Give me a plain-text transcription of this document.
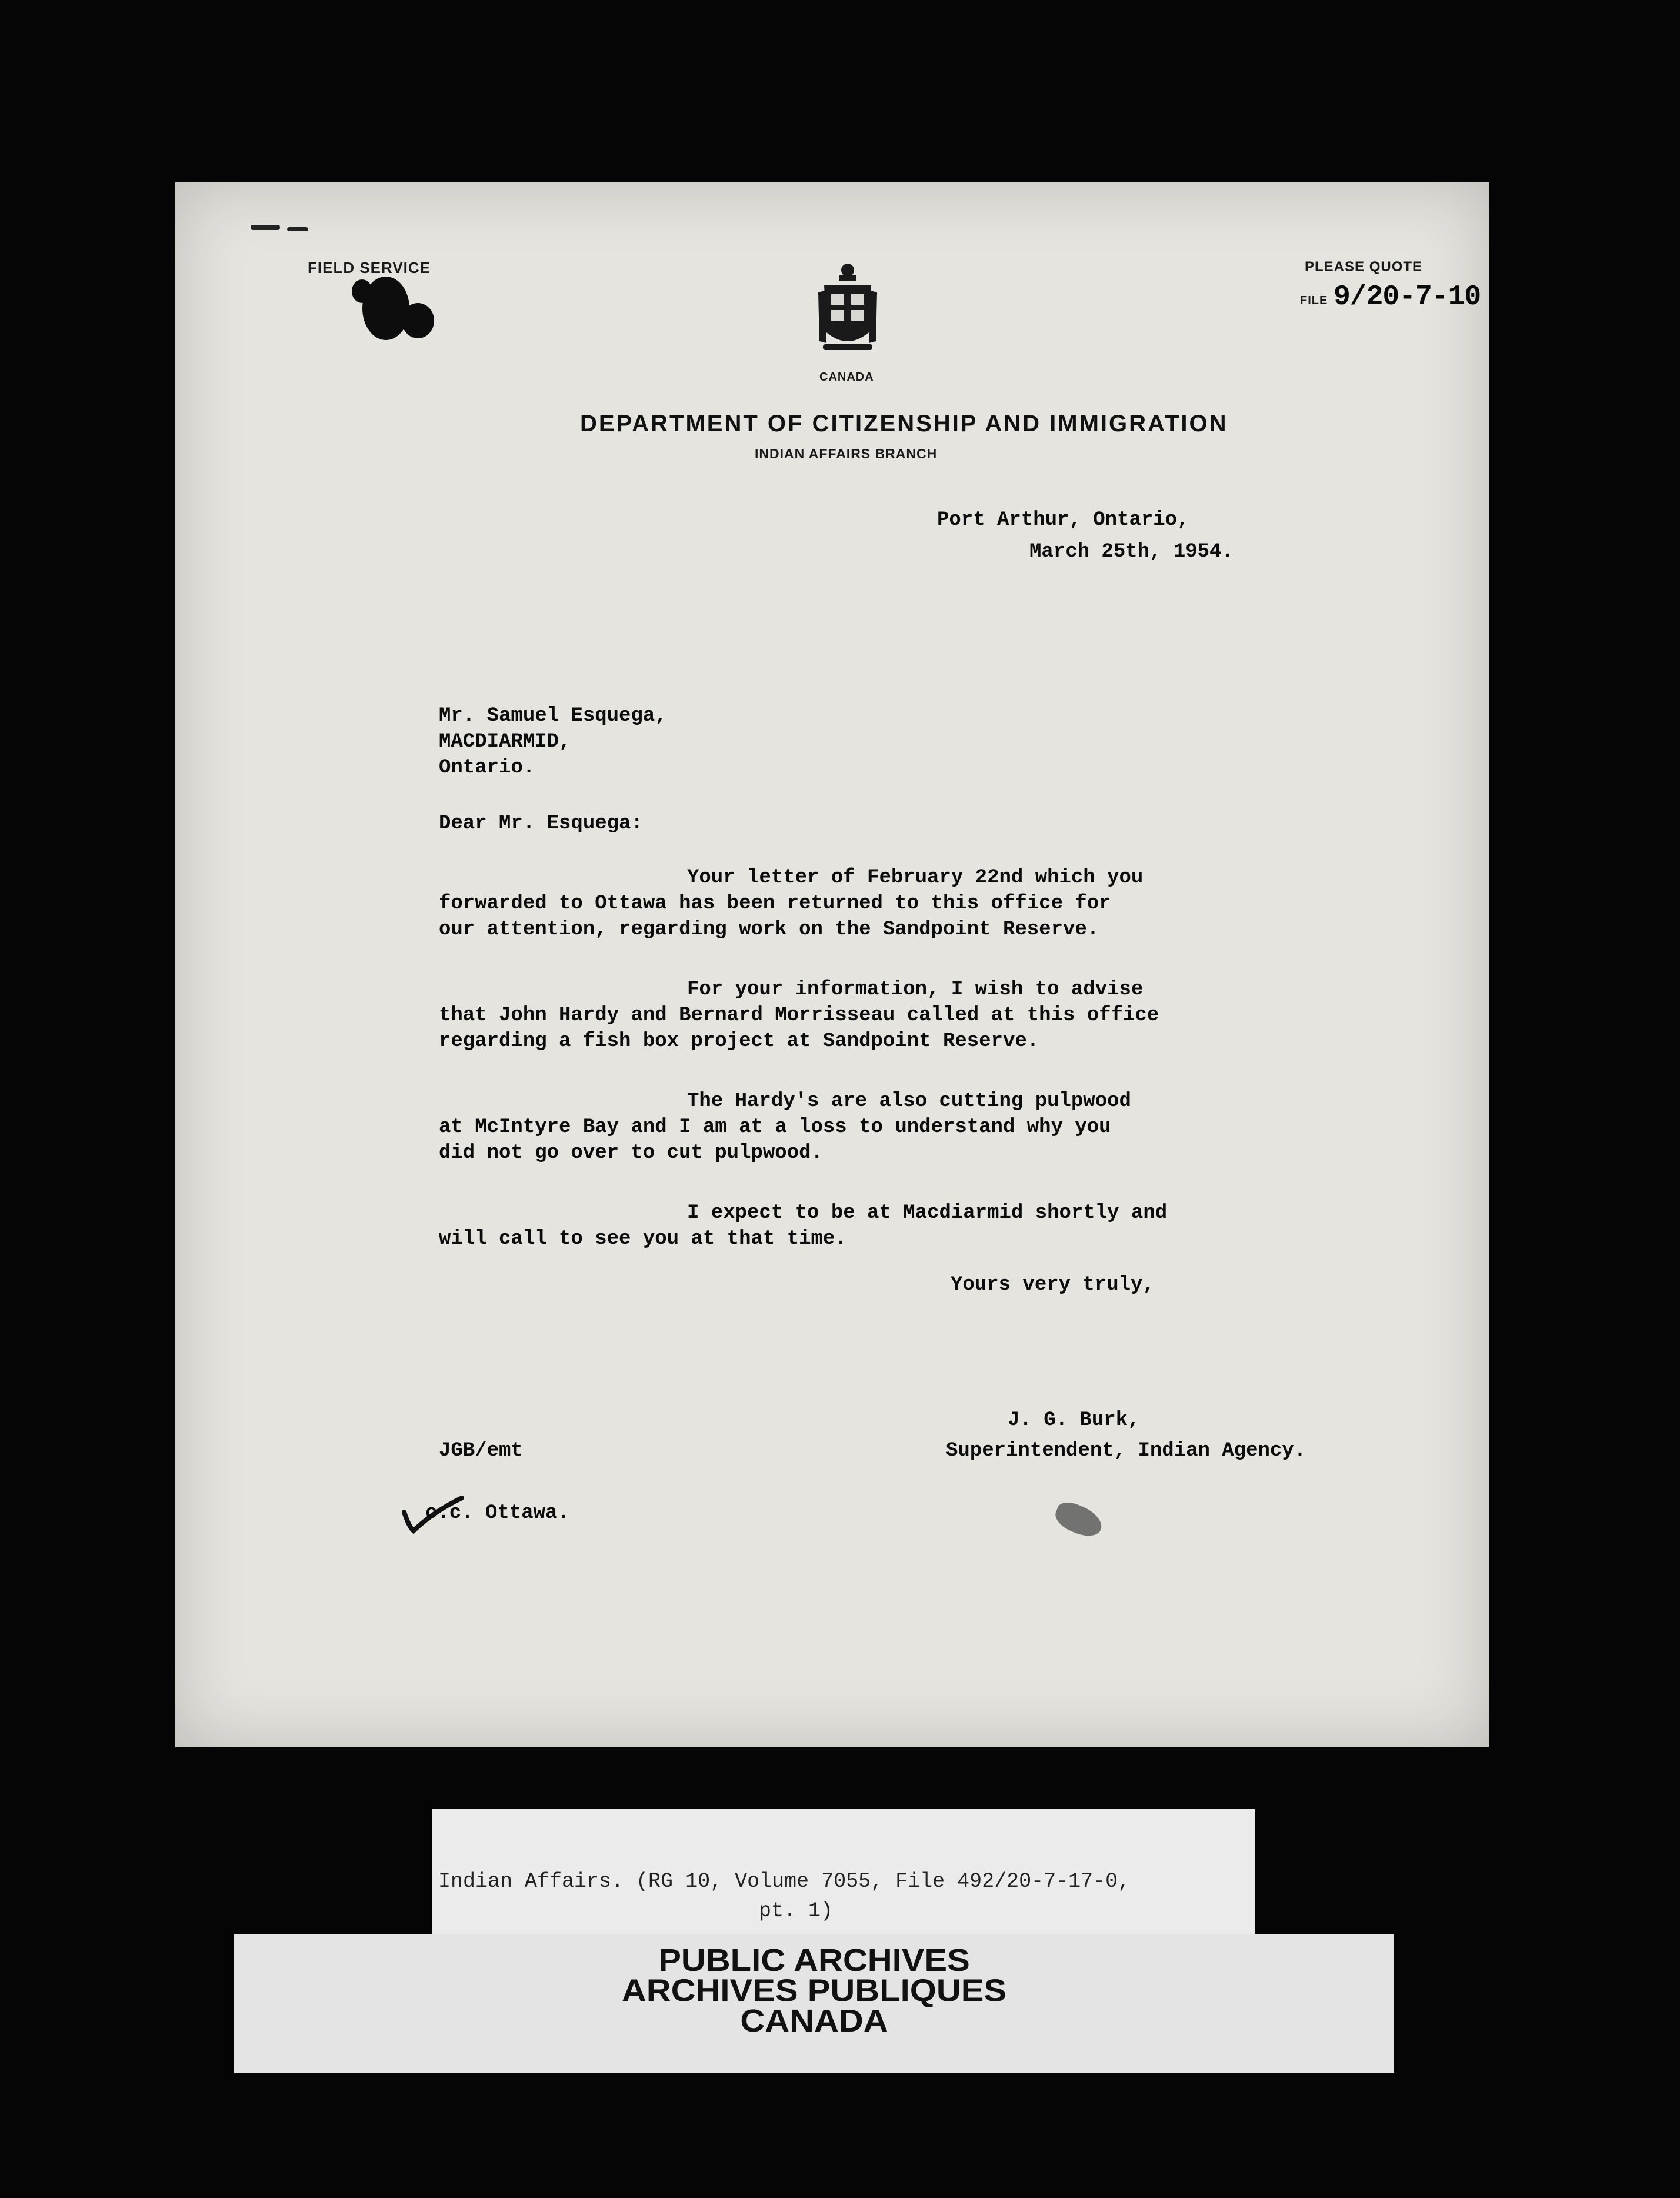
FIELD SERVICE
CANADA
PLEASE QUOTE
FILE 9/20-7-10
DEPARTMENT OF CITIZENSHIP AND IMMIGRATION
INDIAN AFFAIRS BRANCH
Port Arthur, Ontario,
March 25th, 1954.
Mr. Samuel Esquega,
MACDIARMID,
Ontario.
Dear Mr. Esquega:
Your letter of February 22nd which you
forwarded to Ottawa has been returned to this office for
our attention, regarding work on the Sandpoint Reserve.
For your information, I wish to advise
that John Hardy and Bernard Morrisseau called at this office
regarding a fish box project at Sandpoint Reserve.
The Hardy's are also cutting pulpwood
at McIntyre Bay and I am at a loss to understand why you
did not go over to cut pulpwood.
I expect to be at Macdiarmid shortly and
will call to see you at that time.
Yours very truly,
J. G. Burk,
Superintendent, Indian Agency.
JGB/emt
c.c. Ottawa.
Indian Affairs. (RG 10, Volume 7055, File 492/20-7-17-0,
pt. 1)
PUBLIC ARCHIVES
ARCHIVES PUBLIQUES
CANADA
